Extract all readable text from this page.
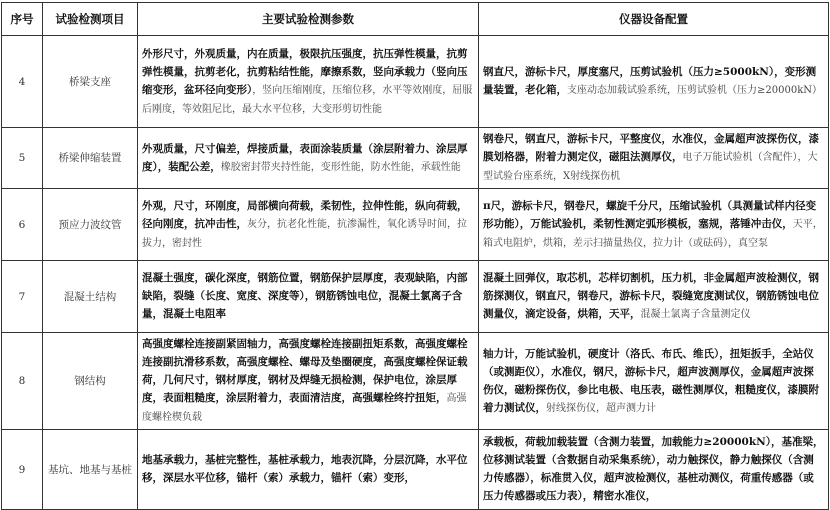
序号	试验检测项目	主要试验检测参数	仪器设备配置
4	桥梁支座	外形尺寸，外观质量，内在质量，极限抗压强度，抗压弹性模量，抗剪弹性模量，抗剪老化，抗剪粘结性能，摩擦系数，竖向承载力（竖向压缩变形，盆环径向变形），竖向压缩刚度，压缩位移，水平等效刚度，屈服后刚度，等效阻尼比，最大水平位移，大变形剪切性能	钢直尺，游标卡尺，厚度塞尺，压剪试验机（压力≥5000kN），变形测量装置，老化箱，支座动态加载试验系统，压剪试验机（压力≥20000kN）
5	桥梁伸缩装置	外观质量，尺寸偏差，焊接质量，表面涂装质量（涂层附着力、涂层厚度），装配公差，橡胶密封带夹持性能，变形性能，防水性能，承载性能	钢卷尺，钢直尺，游标卡尺，平整度仪，水准仪，金属超声波探伤仪，漆膜划格器，附着力测定仪，磁阻法测厚仪，电子万能试验机（含配件），大型试验台座系统，X射线探伤机
6	预应力波纹管	外观，尺寸，环刚度，局部横向荷载，柔韧性，拉伸性能，纵向荷载，径向刚度，抗冲击性，灰分，抗老化性能，抗渗漏性，氧化诱导时间，拉拔力，密封性	π尺，游标卡尺，钢卷尺，螺旋千分尺，压缩试验机（具测量试样内径变形功能），万能试验机，柔韧性测定弧形模板，塞规，落锤冲击仪，天平，箱式电阻炉，烘箱，差示扫描量热仪，拉力计（或砝码），真空泵
7	混凝土结构	混凝土强度，碳化深度，钢筋位置，钢筋保护层厚度，表观缺陷，内部缺陷，裂缝（长度、宽度、深度等），钢筋锈蚀电位，混凝土氯离子含量，混凝土电阻率	混凝土回弹仪，取芯机，芯样切割机，压力机，非金属超声波检测仪，钢筋探测仪，钢直尺，钢卷尺，游标卡尺，裂缝宽度测试仪，钢筋锈蚀电位测量仪，滴定设备，烘箱，天平，混凝土氯离子含量测定仪
8	钢结构	高强度螺栓连接副紧固轴力，高强度螺栓连接副扭矩系数，高强度螺栓连接副抗滑移系数，高强度螺栓、螺母及垫圈硬度，高强度螺栓保证载荷，几何尺寸，钢材厚度，钢材及焊缝无损检测，保护电位，涂层厚度，表面粗糙度，涂层附着力，表面清洁度，高强螺栓终拧扭矩，高强度螺栓楔负载	轴力计，万能试验机，硬度计（洛氏、布氏、维氏），扭矩扳手，全站仪（或测距仪），水准仪，钢尺，游标卡尺，超声波测厚仪，金属超声波探伤仪，磁粉探伤仪，参比电极、电压表，磁性测厚仪，粗糙度仪，漆膜附着力测试仪，射线探伤仪，超声测力计
9	基坑、地基与基桩	地基承载力，基桩完整性，基桩承载力，地表沉降，分层沉降，水平位移，深层水平位移，锚杆（索）承载力，锚杆（索）变形，	承载板，荷载加载装置（含测力装置，加载能力≥20000kN），基准梁，位移测试装置（含数据自动采集系统），动力触探仪，静力触探仪（含测力传感器），标准贯入仪，超声波检测仪，基桩动测仪，荷重传感器（或压力传感器或压力表），精密水准仪，
